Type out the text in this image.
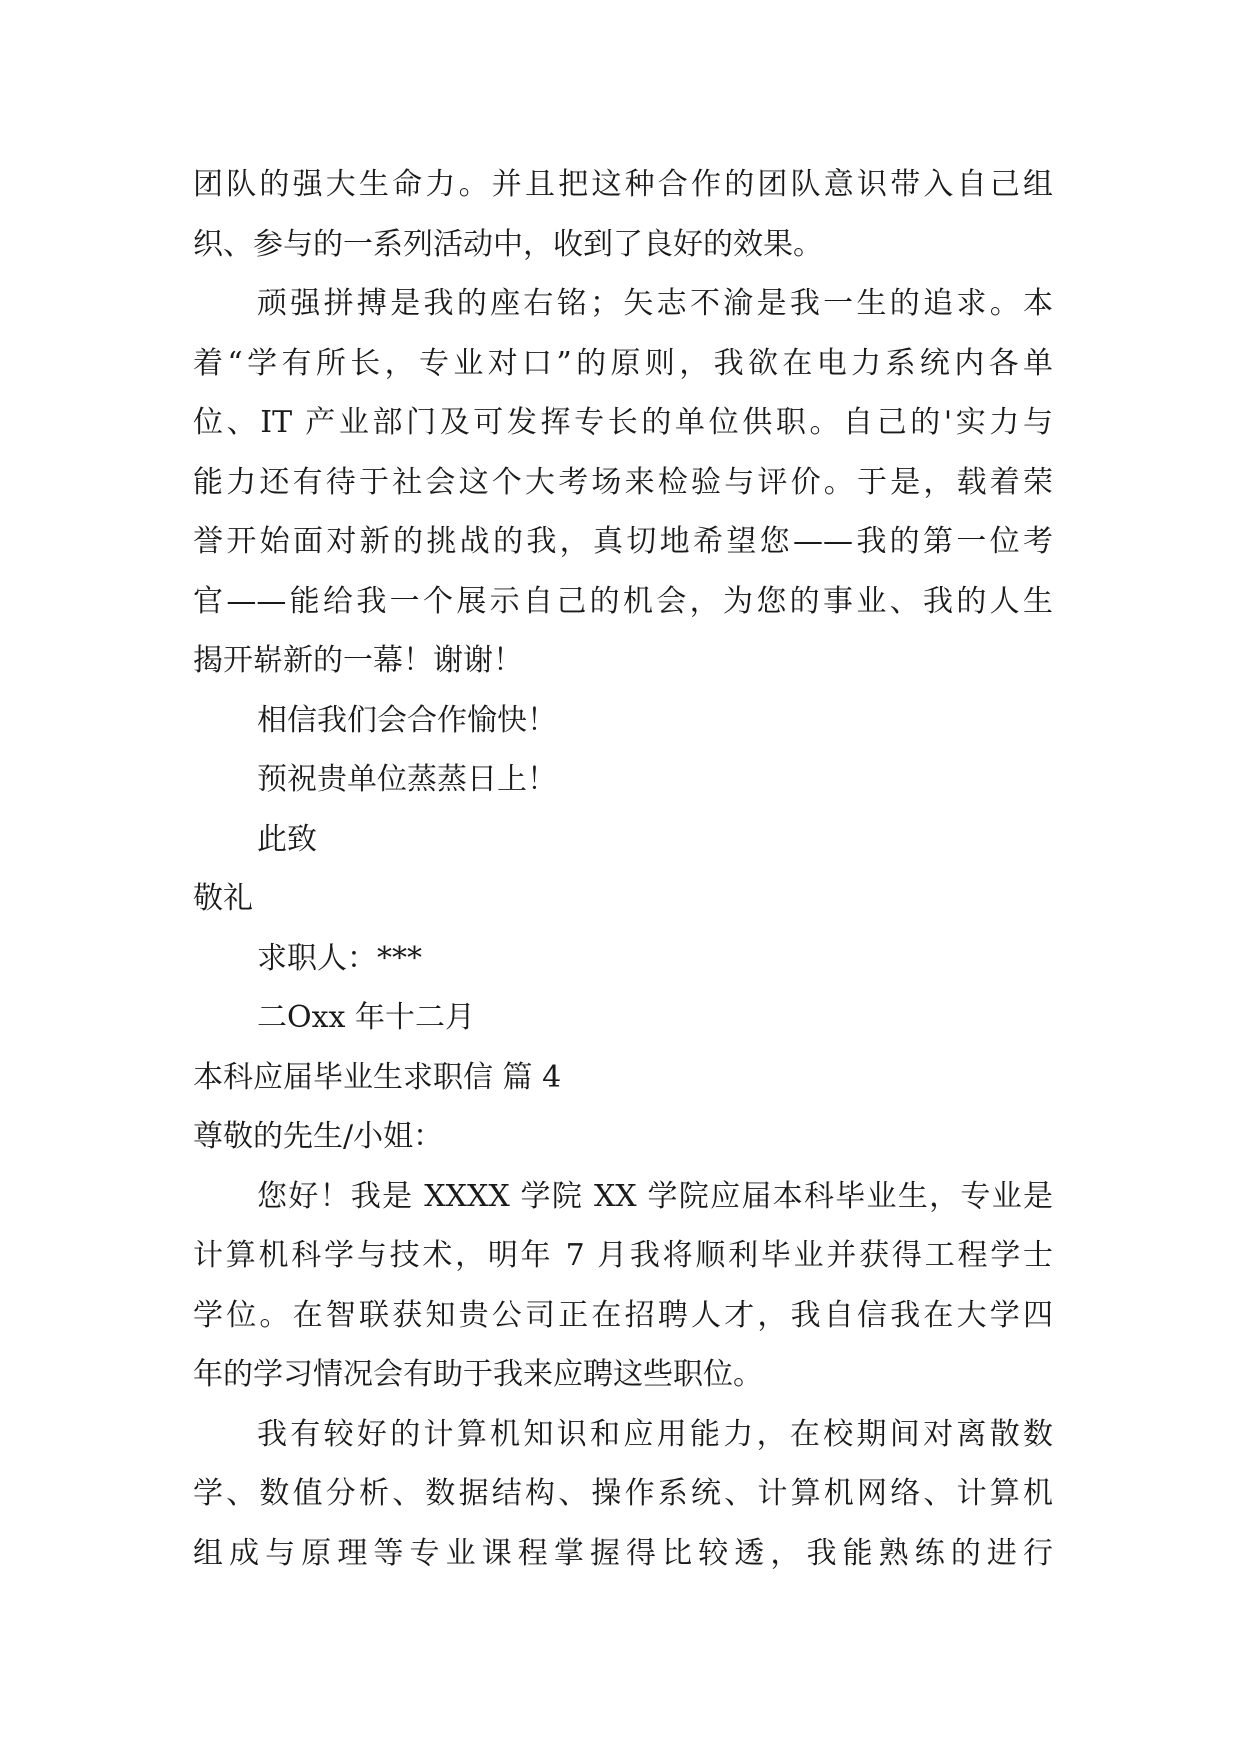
团队的强大生命力。并且把这种合作的团队意识带入自己组
织、参与的一系列活动中，收到了良好的效果。
顽强拼搏是我的座右铭；矢志不渝是我一生的追求。本
着“学有所长，专业对口”的原则，我欲在电力系统内各单
位、IT 产业部门及可发挥专长的单位供职。自己的'实力与
能力还有待于社会这个大考场来检验与评价。于是，载着荣
誉开始面对新的挑战的我，真切地希望您——我的第一位考
官——能给我一个展示自己的机会，为您的事业、我的人生
揭开崭新的一幕！谢谢！
相信我们会合作愉快！
预祝贵单位蒸蒸日上！
此致
敬礼
求职人：***
二Oxx 年十二月
本科应届毕业生求职信 篇 4
尊敬的先生/小姐：
您好！我是 XXXX 学院 XX 学院应届本科毕业生，专业是
计算机科学与技术，明年 7 月我将顺利毕业并获得工程学士
学位。在智联获知贵公司正在招聘人才，我自信我在大学四
年的学习情况会有助于我来应聘这些职位。
我有较好的计算机知识和应用能力，在校期间对离散数
学、数值分析、数据结构、操作系统、计算机网络、计算机
组成与原理等专业课程掌握得比较透，我能熟练的进行
